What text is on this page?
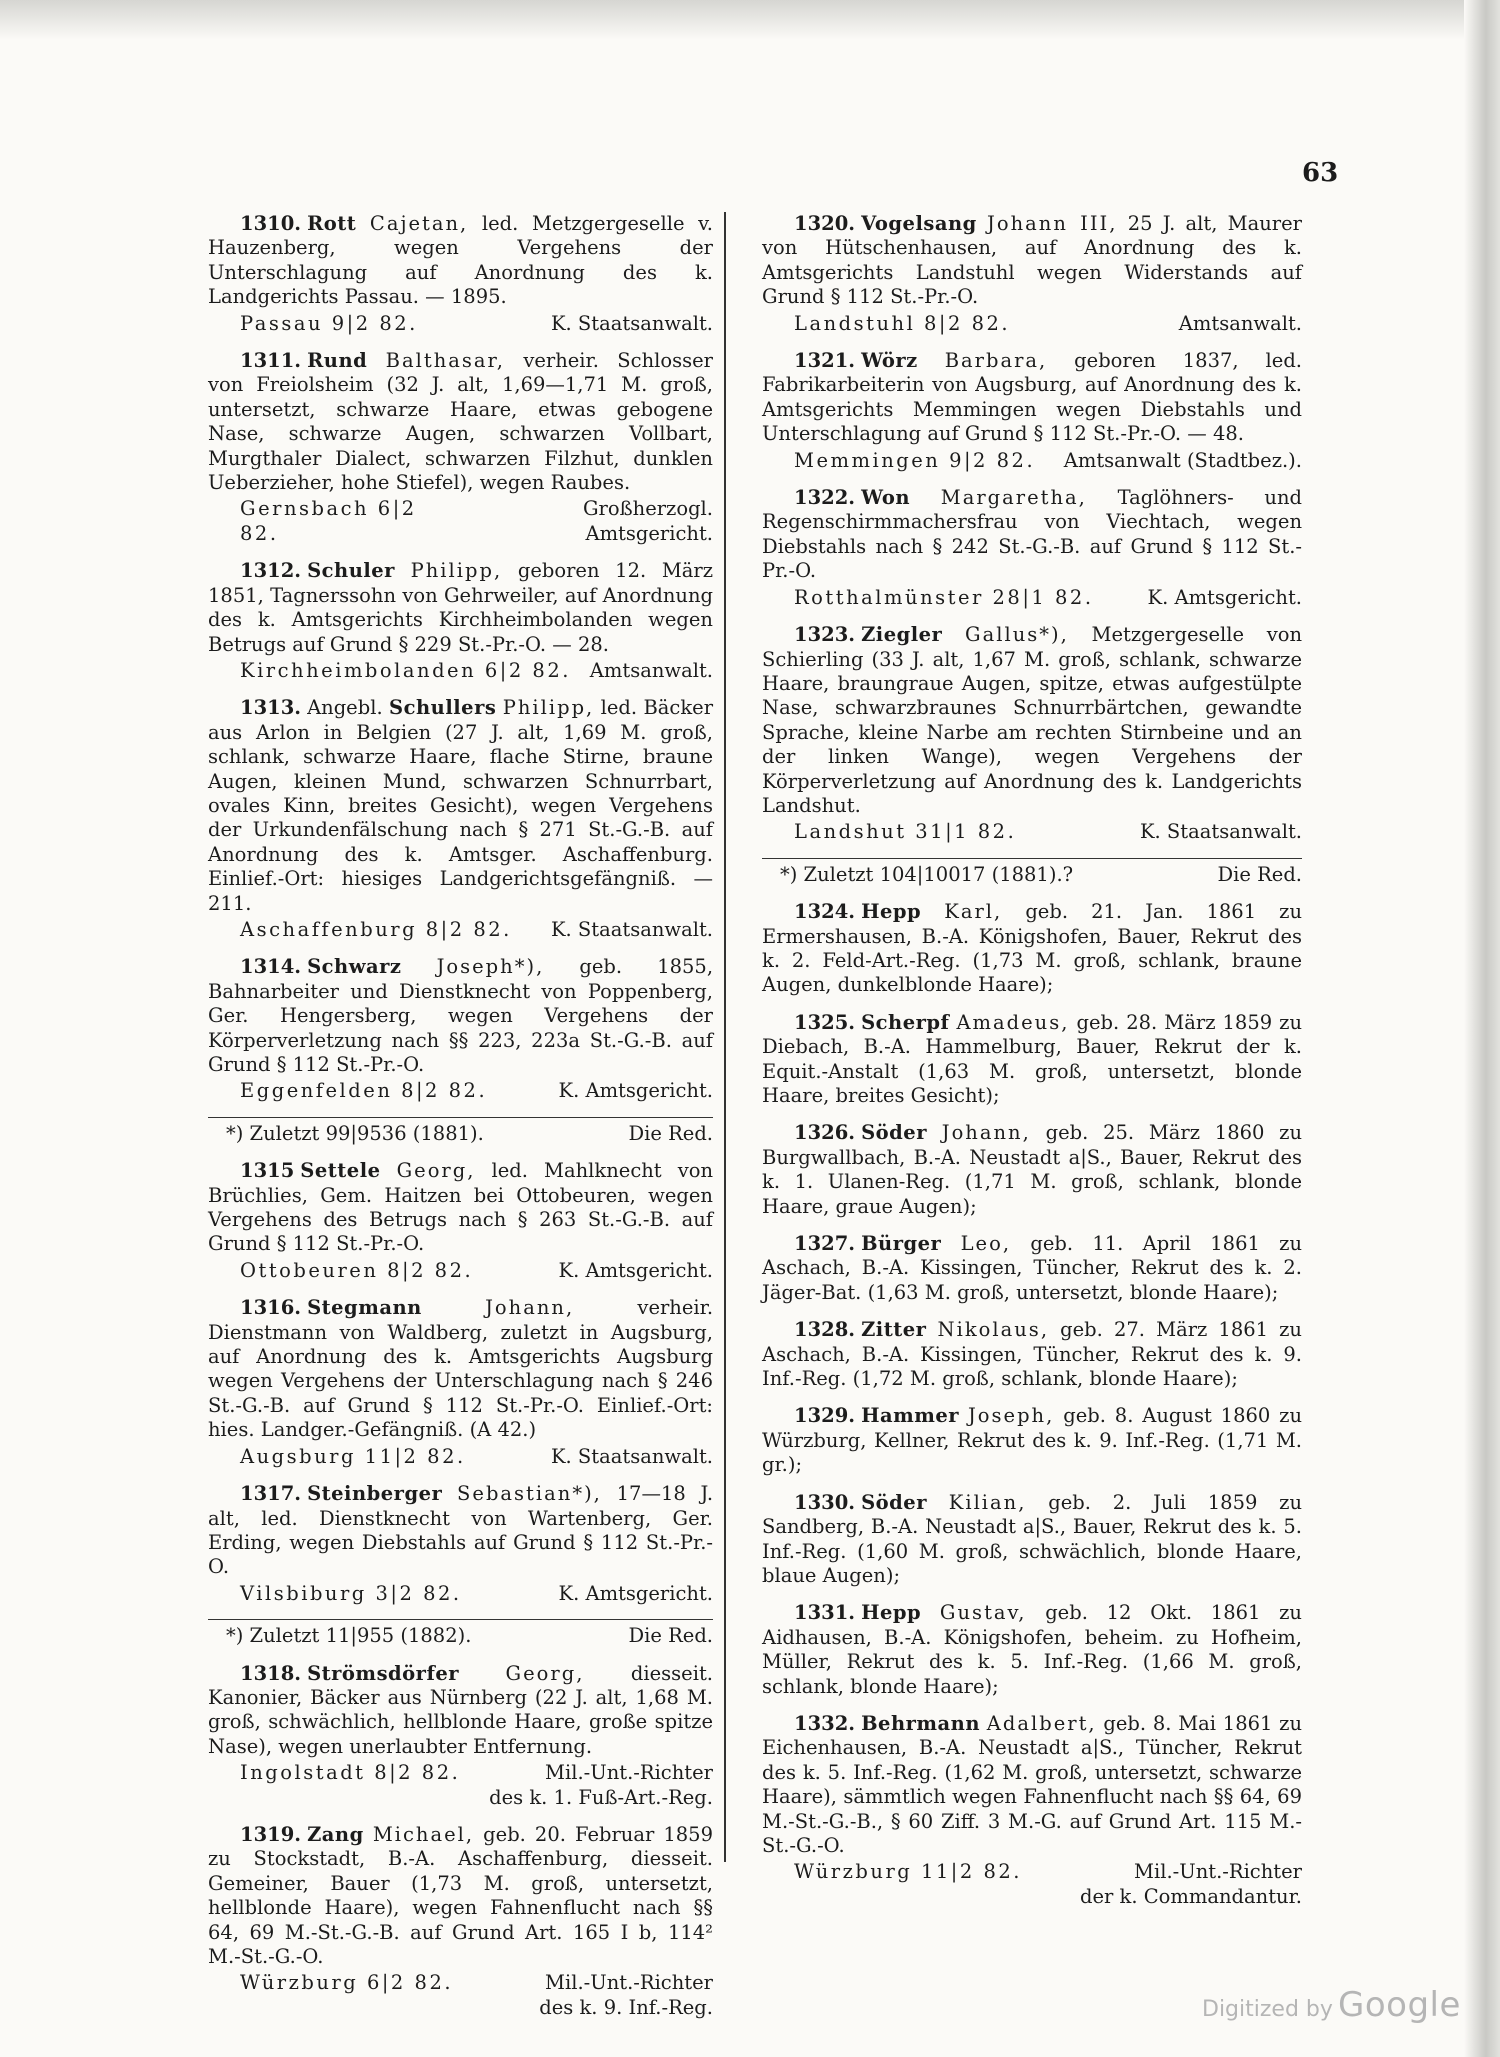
63
1310. Rott Cajetan, led. Metzgergeselle v. Hauzenberg, wegen Vergehens der Unterschlagung auf Anordnung des k. Landgerichts Passau. — 1895.
Passau 9|2 82.	K. Staatsanwalt.
1311. Rund Balthasar, verheir. Schlosser von Freiolsheim (32 J. alt, 1,69—1,71 M. groß, untersetzt, schwarze Haare, etwas gebogene Nase, schwarze Augen, schwarzen Vollbart, Murgthaler Dialect, schwarzen Filzhut, dunklen Ueberzieher, hohe Stiefel), wegen Raubes.
Gernsbach 6|2 82.
Großherzogl. Amtsgericht.
1312. Schuler Philipp, geboren 12. März 1851, Tagnerssohn von Gehrweiler, auf Anordnung des k. Amtsgerichts Kirchheimbolanden wegen Betrugs auf Grund § 229 St.-Pr.-O. — 28.
Kirchheimbolanden 6|2 82. Amtsanwalt.
1313. Angebl. Schullers Philipp, led. Bäcker aus Arlon in Belgien (27 J. alt, 1,69 M. groß, schlank, schwarze Haare, flache Stirne, braune Augen, kleinen Mund, schwarzen Schnurrbart, ovales Kinn, breites Gesicht), wegen Vergehens der Urkundenfälschung nach § 271 St.-G.-B. auf Anordnung des k. Amtsger. Aschaffenburg. Einlief.-Ort: hiesiges Landgerichtsgefängniß. — 211.
Aschaffenburg 8|2 82. K. Staatsanwalt.
1314. Schwarz Joseph*), geb. 1855, Bahnarbeiter und Dienstknecht von Poppenberg, Ger. Hengersberg, wegen Vergehens der Körperverletzung nach §§ 223, 223a St.-G.-B. auf Grund § 112 St.-Pr.-O.
Eggenfelden 8|2 82.	K. Amtsgericht.
*) Zuletzt 99|9536 (1881).	Die Red.
1315 Settele Georg, led. Mahlknecht von Brüchlies, Gem. Haitzen bei Ottobeuren, wegen Vergehens des Betrugs nach § 263 St.-G.-B. auf Grund § 112 St.-Pr.-O.
Ottobeuren 8|2 82.	K. Amtsgericht.
1316. Stegmann	Johann,	verheir. Dienstmann von Waldberg, zuletzt in Augsburg, auf Anordnung des k. Amtsgerichts Augsburg wegen Vergehens der Unterschlagung nach § 246 St.-G.-B. auf Grund § 112 St.-Pr.-O. Einlief.-Ort: hies. Landger.-Gefängniß. (A 42.)
Augsburg 11|2 82.	K. Staatsanwalt.
1317. Steinberger Sebastian*), 17—18 J. alt, led. Dienstknecht von Wartenberg, Ger. Erding, wegen Diebstahls auf Grund § 112 St.-Pr.-O.
Vilsbiburg 3|2 82.	K. Amtsgericht.
*) Zuletzt 11|955 (1882).	Die Red.
1318. Strömsdörfer Georg, diesseit. Kanonier, Bäcker aus Nürnberg (22 J. alt, 1,68 M. groß, schwächlich, hellblonde Haare, große spitze Nase), wegen unerlaubter Entfernung.
Ingolstadt 8|2 82.	Mil.-Unt.-Richter
des k. 1. Fuß-Art.-Reg.
1319. Zang Michael, geb. 20. Februar 1859 zu Stockstadt, B.-A. Aschaffenburg, diesseit. Gemeiner, Bauer (1,73 M. groß, untersetzt, hellblonde Haare), wegen Fahnenflucht nach §§ 64, 69 M.-St.-G.-B. auf Grund Art. 165 I b, 114² M.-St.-G.-O.
Würzburg 6|2 82.	Mil.-Unt.-Richter
des k. 9. Inf.-Reg.
1320. Vogelsang Johann III, 25 J. alt, Maurer von Hütschenhausen, auf Anordnung des k. Amtsgerichts Landstuhl wegen Widerstands auf Grund § 112 St.-Pr.-O.
Landstuhl 8|2 82.	Amtsanwalt.
1321. Wörz Barbara, geboren 1837, led. Fabrikarbeiterin von Augsburg, auf Anordnung des k. Amtsgerichts Memmingen wegen Diebstahls und Unterschlagung auf Grund § 112 St.-Pr.-O. — 48.
Memmingen 9|2 82. Amtsanwalt (Stadtbez.).
1322. Won Margaretha, Taglöhners- und Regenschirmmachersfrau von Viechtach, wegen Diebstahls nach § 242 St.-G.-B. auf Grund § 112 St.-Pr.-O.
Rotthalmünster 28|1 82.	K. Amtsgericht.
1323. Ziegler Gallus*), Metzgergeselle von Schierling (33 J. alt, 1,67 M. groß, schlank, schwarze Haare, braungraue Augen, spitze, etwas aufgestülpte Nase, schwarzbraunes Schnurrbärtchen, gewandte Sprache, kleine Narbe am rechten Stirnbeine und an der linken Wange), wegen Vergehens der Körperverletzung auf Anordnung des k. Landgerichts Landshut.
Landshut 31|1 82.	K. Staatsanwalt.
*) Zuletzt 104|10017 (1881).?	Die Red.
1324. Hepp Karl, geb. 21. Jan. 1861 zu Ermershausen, B.-A. Königshofen, Bauer, Rekrut des k. 2. Feld-Art.-Reg. (1,73 M. groß, schlank, braune Augen, dunkelblonde Haare);
1325. Scherpf Amadeus, geb. 28. März 1859 zu Diebach, B.-A. Hammelburg, Bauer, Rekrut der k. Equit.-Anstalt (1,63 M. groß, untersetzt, blonde Haare, breites Gesicht);
1326. Söder Johann, geb. 25. März 1860 zu Burgwallbach, B.-A. Neustadt a|S., Bauer, Rekrut des k. 1. Ulanen-Reg. (1,71 M. groß, schlank, blonde Haare, graue Augen);
1327. Bürger Leo, geb. 11. April 1861 zu Aschach, B.-A. Kissingen, Tüncher, Rekrut des k. 2. Jäger-Bat. (1,63 M. groß, untersetzt, blonde Haare);
1328. Zitter Nikolaus, geb. 27. März 1861 zu Aschach, B.-A. Kissingen, Tüncher, Rekrut des k. 9. Inf.-Reg. (1,72 M. groß, schlank, blonde Haare);
1329. Hammer Joseph, geb. 8. August 1860 zu Würzburg, Kellner, Rekrut des k. 9. Inf.-Reg. (1,71 M. gr.);
1330. Söder Kilian, geb. 2. Juli 1859 zu Sandberg, B.-A. Neustadt a|S., Bauer, Rekrut des k. 5. Inf.-Reg. (1,60 M. groß, schwächlich, blonde Haare, blaue Augen);
1331. Hepp Gustav, geb. 12 Okt. 1861 zu Aidhausen, B.-A. Königshofen, beheim. zu Hofheim, Müller, Rekrut des k. 5. Inf.-Reg. (1,66 M. groß, schlank, blonde Haare);
1332. Behrmann Adalbert, geb. 8. Mai 1861 zu Eichenhausen, B.-A. Neustadt a|S., Tüncher, Rekrut des k. 5. Inf.-Reg. (1,62 M. groß, untersetzt, schwarze Haare), sämmtlich wegen Fahnenflucht nach §§ 64, 69 M.-St.-G.-B., § 60 Ziff. 3 M.-G. auf Grund Art. 115 M.-St.-G.-O.
Würzburg 11|2 82.	Mil.-Unt.-Richter
der k. Commandantur.
Digitized by Google
